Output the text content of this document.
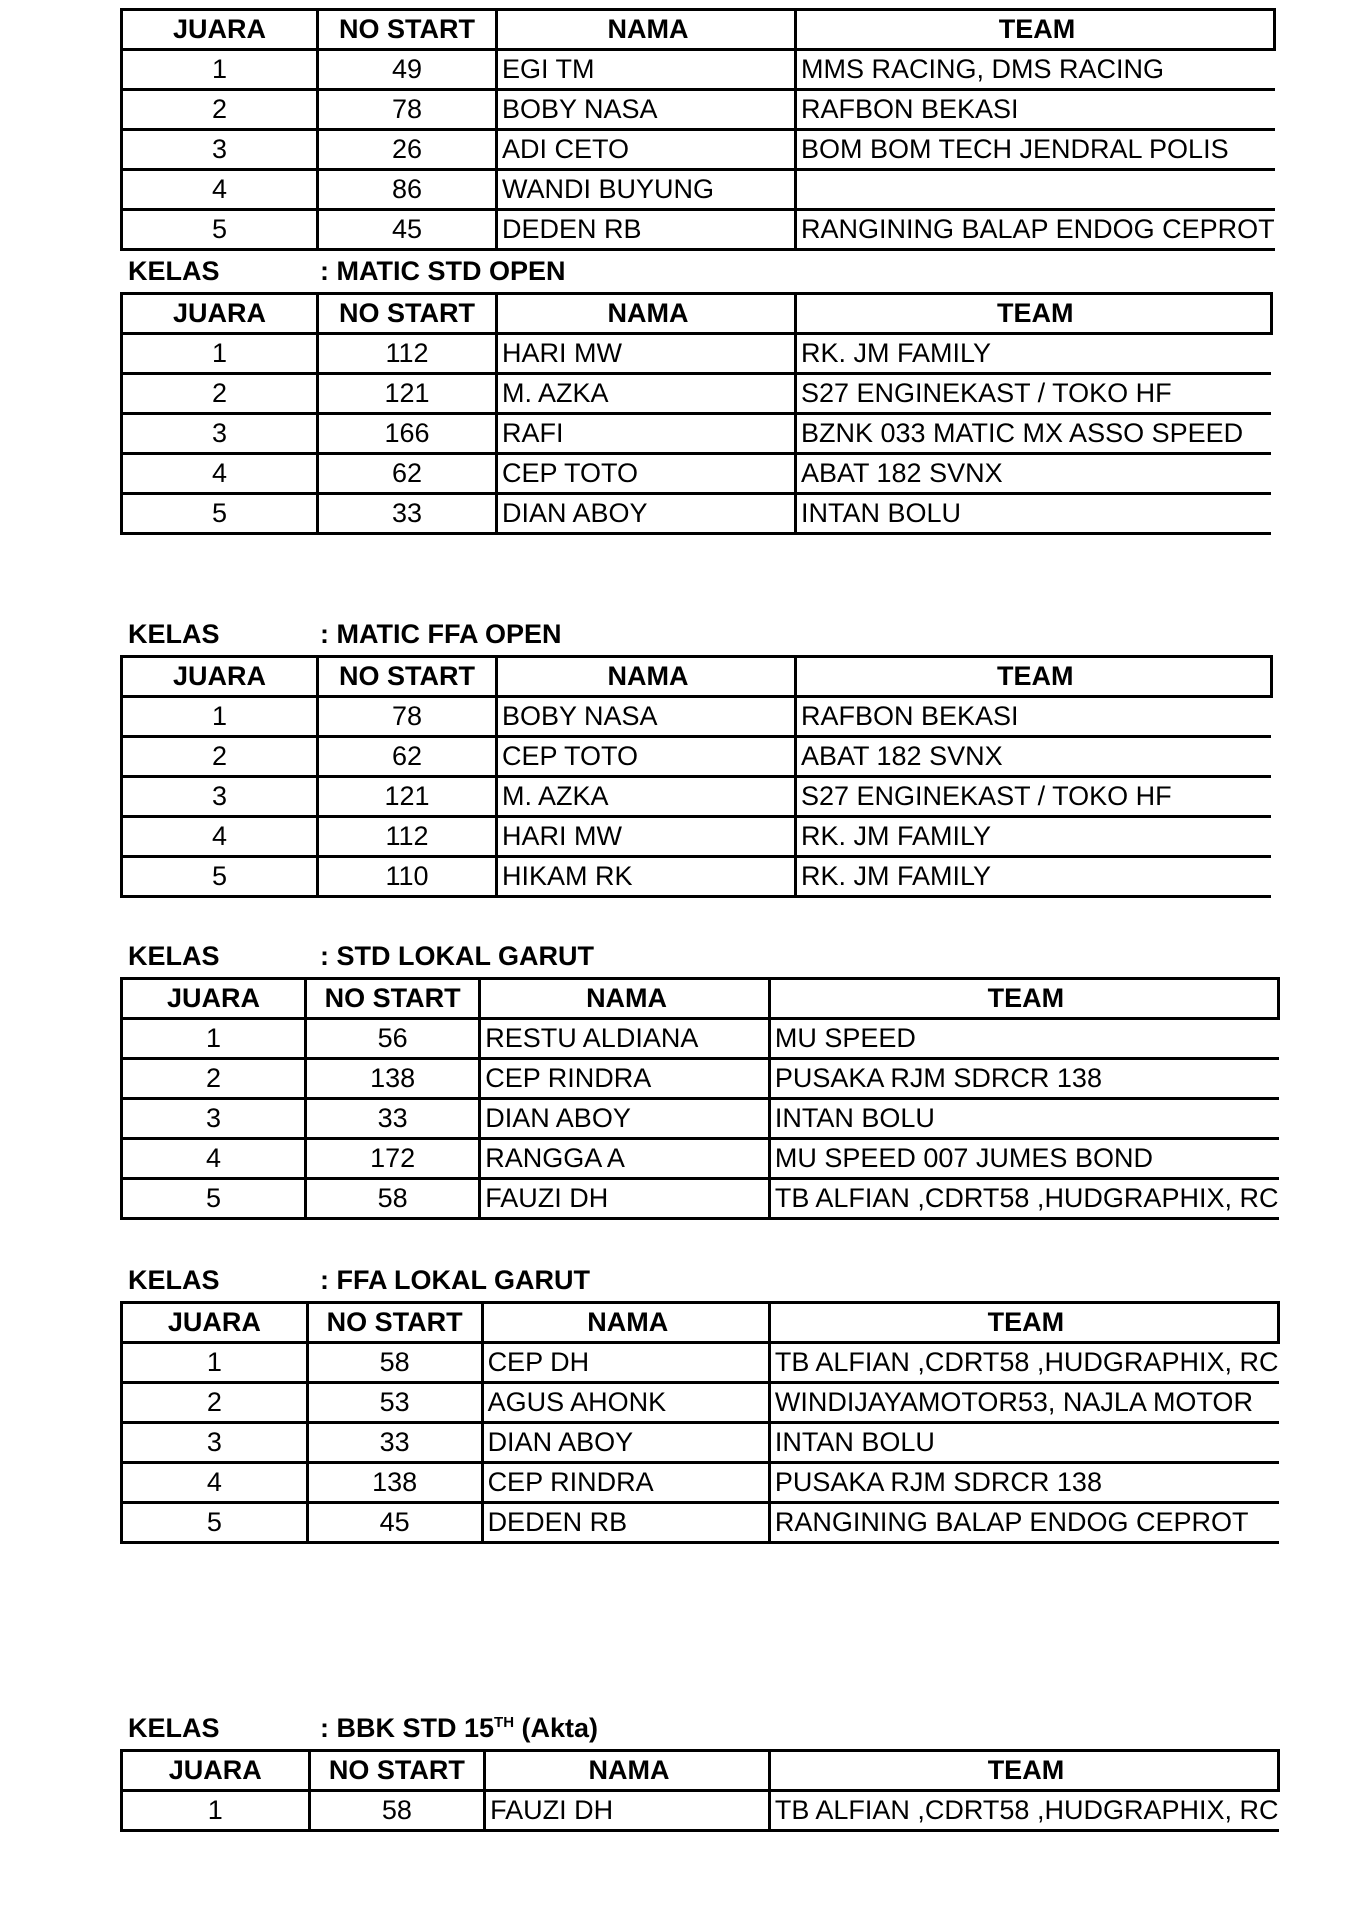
JUARA	NO START	NAMA	TEAM
1	49	EGI TM	MMS RACING, DMS RACING
2	78	BOBY NASA	RAFBON BEKASI
3	26	ADI CETO	BOM BOM TECH JENDRAL POLIS
4	86	WANDI BUYUNG	
5	45	DEDEN RB	RANGINING BALAP ENDOG CEPROT
KELAS	: MATIC STD OPEN
JUARA	NO START	NAMA	TEAM
1	112	HARI MW	RK. JM FAMILY
2	121	M. AZKA	S27 ENGINEKAST / TOKO HF
3	166	RAFI	BZNK 033 MATIC MX ASSO SPEED
4	62	CEP TOTO	ABAT 182 SVNX
5	33	DIAN ABOY	INTAN BOLU
KELAS	: MATIC FFA OPEN
JUARA	NO START	NAMA	TEAM
1	78	BOBY NASA	RAFBON BEKASI
2	62	CEP TOTO	ABAT 182 SVNX
3	121	M. AZKA	S27 ENGINEKAST / TOKO HF
4	112	HARI MW	RK. JM FAMILY
5	110	HIKAM RK	RK. JM FAMILY
KELAS	: STD LOKAL GARUT
JUARA	NO START	NAMA	TEAM
1	56	RESTU ALDIANA	MU SPEED
2	138	CEP RINDRA	PUSAKA RJM SDRCR 138
3	33	DIAN ABOY	INTAN BOLU
4	172	RANGGA A	MU SPEED 007 JUMES BOND
5	58	FAUZI DH	TB ALFIAN ,CDRT58 ,HUDGRAPHIX, RC
KELAS	: FFA LOKAL GARUT
JUARA	NO START	NAMA	TEAM
1	58	CEP DH	TB ALFIAN ,CDRT58 ,HUDGRAPHIX, RC
2	53	AGUS AHONK	WINDIJAYAMOTOR53, NAJLA MOTOR
3	33	DIAN ABOY	INTAN BOLU
4	138	CEP RINDRA	PUSAKA RJM SDRCR 138
5	45	DEDEN RB	RANGINING BALAP ENDOG CEPROT
KELAS	: BBK STD 15TH (Akta)
JUARA	NO START	NAMA	TEAM
1	58	FAUZI DH	TB ALFIAN ,CDRT58 ,HUDGRAPHIX, RC
